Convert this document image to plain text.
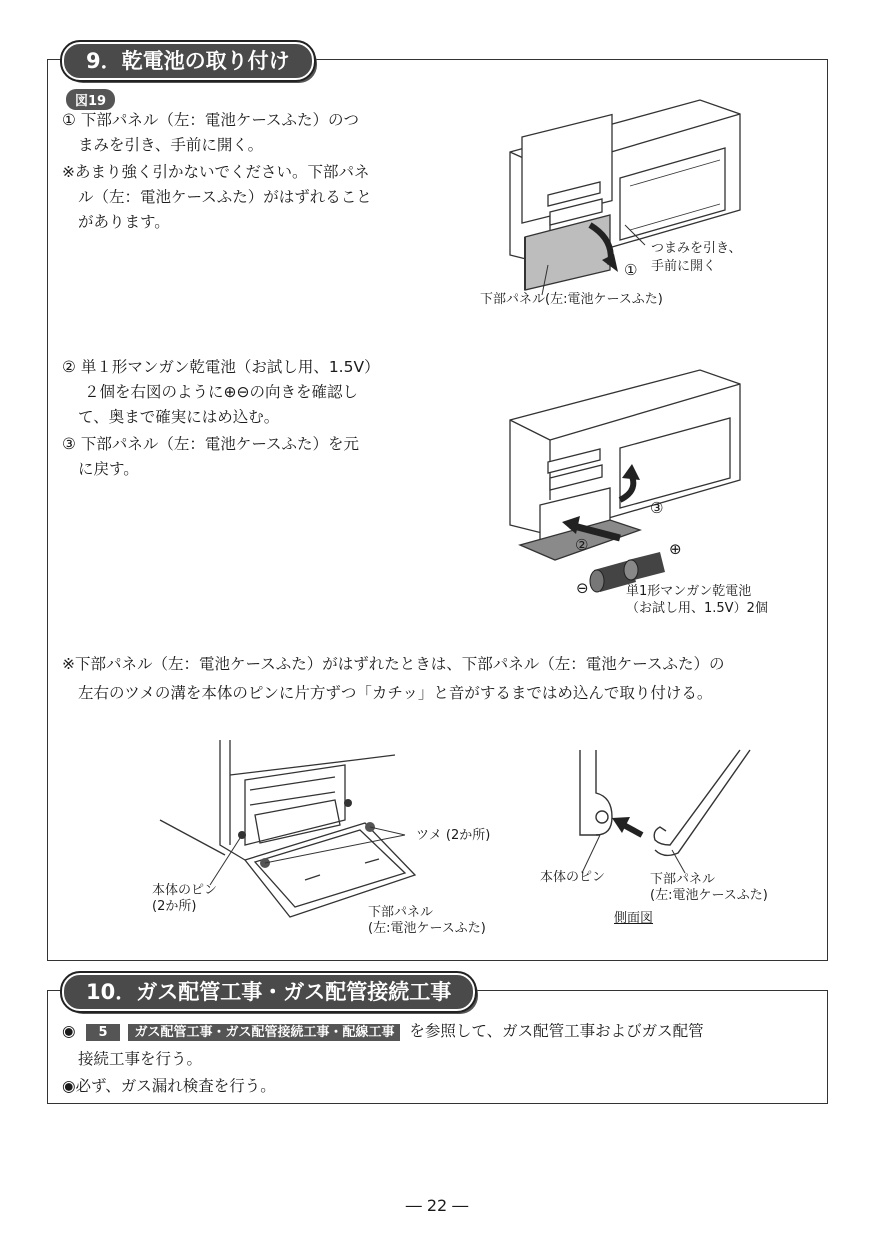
9．乾電池の取り付け
図19
① 下部パネル（左：電池ケースふた）のつ
まみを引き、手前に開く。
※あまり強く引かないでください。下部パネ
ル（左：電池ケースふた）がはずれること
があります。
つまみを引き、
手前に開く
①
下部パネル(左:電池ケースふた)
② 単１形マンガン乾電池（お試し用、1.5V）
２個を右図のように⊕⊖の向きを確認し
て、奥まで確実にはめ込む。
③ 下部パネル（左：電池ケースふた）を元
に戻す。
②
③
⊕
⊖	単1形マンガン乾電池
（お試し用、1.5V）2個
※下部パネル（左：電池ケースふた）がはずれたときは、下部パネル（左：電池ケースふた）の
左右のツメの溝を本体のピンに片方ずつ「カチッ」と音がするまではめ込んで取り付ける。
ツメ (2か所)
本体のピン
(2か所)	下部パネル
(左:電池ケースふた)
本体のピン	下部パネル
(左:電池ケースふた)
側面図
10．ガス配管工事・ガス配管接続工事
◉ 5 ガス配管工事・ガス配管接続工事・配線工事 を参照して、ガス配管工事およびガス配管
接続工事を行う。
◉必ず、ガス漏れ検査を行う。
― 22 ―
